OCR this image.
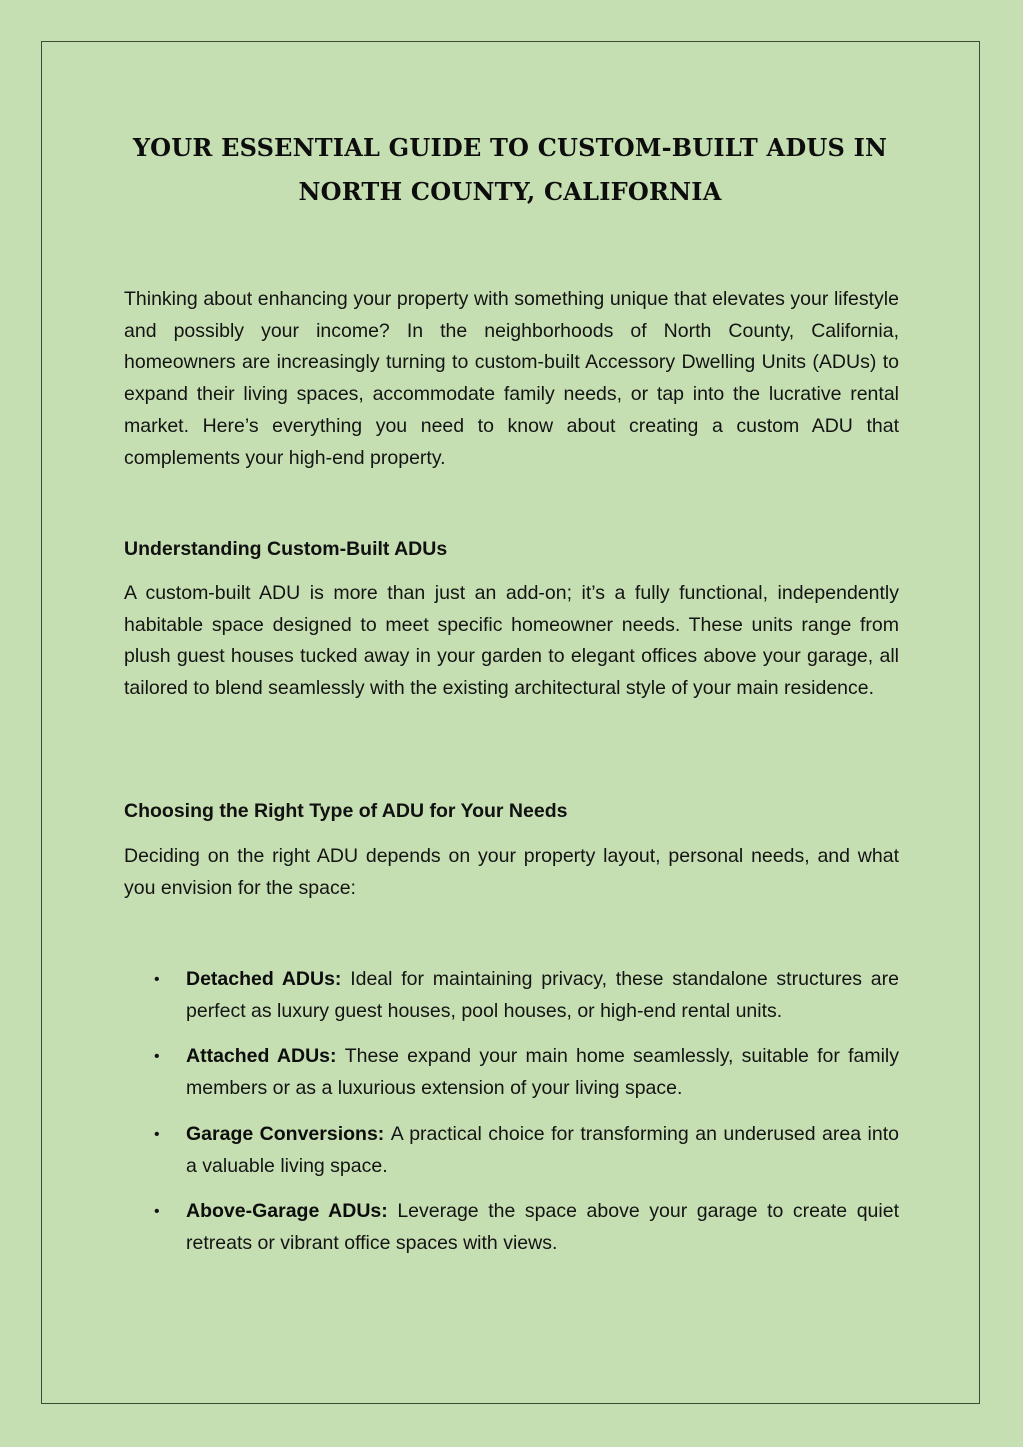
YOUR ESSENTIAL GUIDE TO CUSTOM-BUILT ADUS IN
NORTH COUNTY, CALIFORNIA

Thinking about enhancing your property with something unique that elevates your lifestyle and possibly your income? In the neighborhoods of North County, California, homeowners are increasingly turning to custom-built Accessory Dwelling Units (ADUs) to expand their living spaces, accommodate family needs, or tap into the lucrative rental market. Here’s everything you need to know about creating a custom ADU that complements your high-end property.

Understanding Custom-Built ADUs

A custom-built ADU is more than just an add-on; it’s a fully functional, independently habitable space designed to meet specific homeowner needs. These units range from plush guest houses tucked away in your garden to elegant offices above your garage, all tailored to blend seamlessly with the existing architectural style of your main residence.

Choosing the Right Type of ADU for Your Needs

Deciding on the right ADU depends on your property layout, personal needs, and what you envision for the space:

• Detached ADUs: Ideal for maintaining privacy, these standalone structures are perfect as luxury guest houses, pool houses, or high-end rental units.
• Attached ADUs: These expand your main home seamlessly, suitable for family members or as a luxurious extension of your living space.
• Garage Conversions: A practical choice for transforming an underused area into a valuable living space.
• Above-Garage ADUs: Leverage the space above your garage to create quiet retreats or vibrant office spaces with views.
